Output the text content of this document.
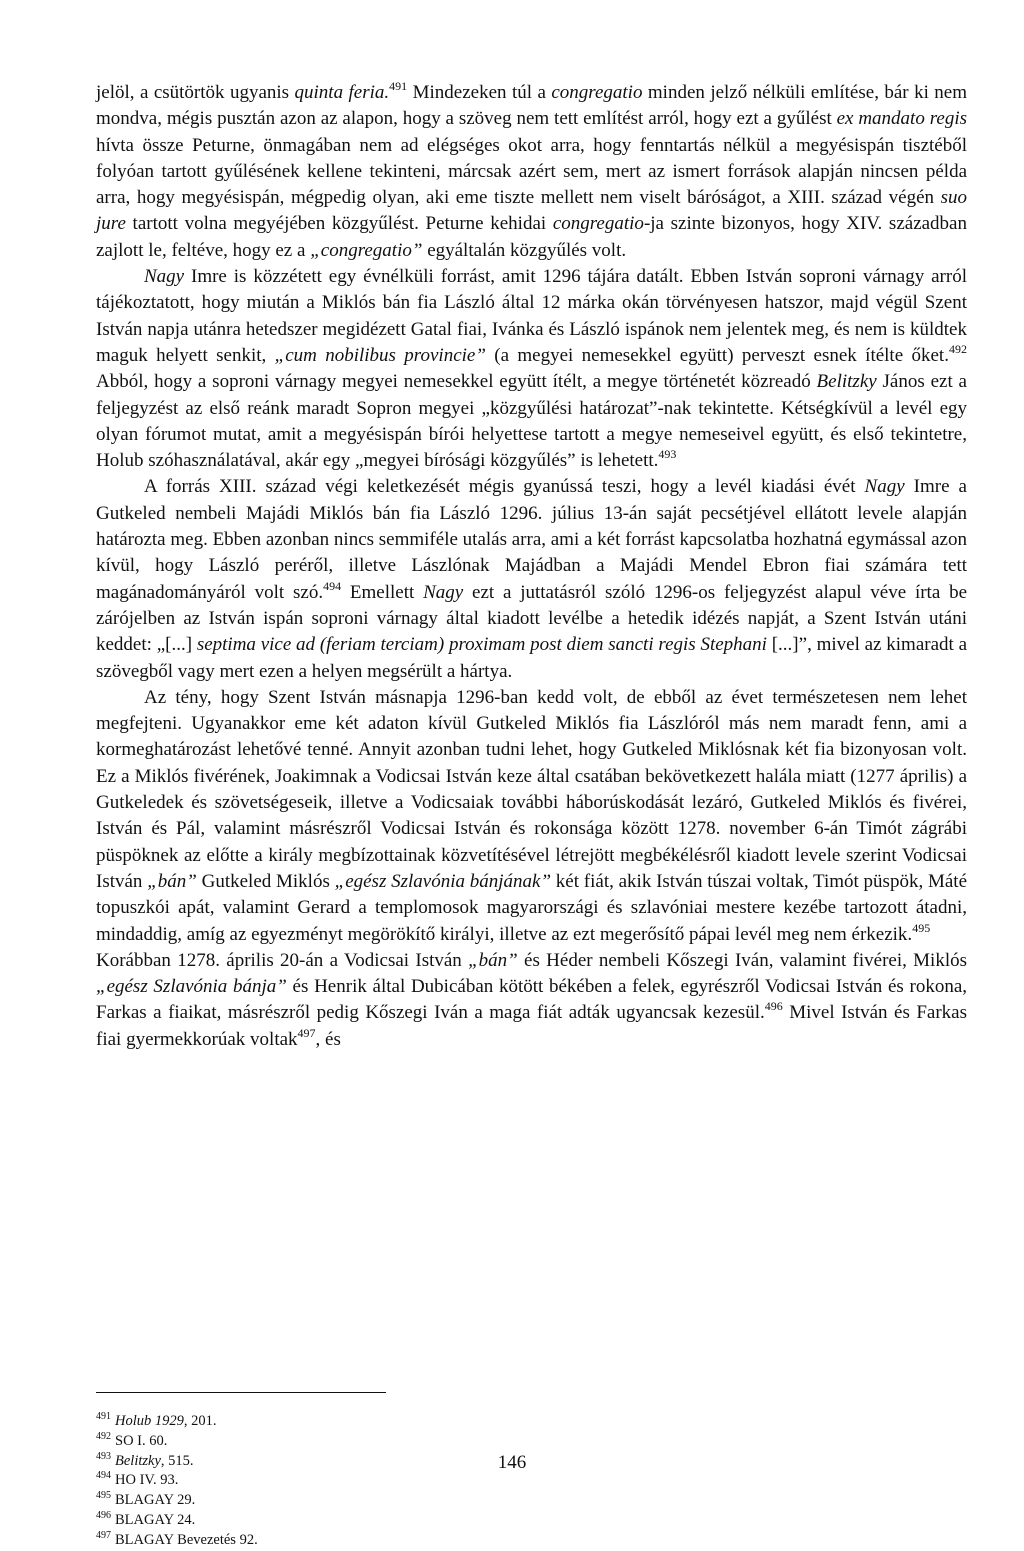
jelöl, a csütörtök ugyanis quinta feria.$^{491}$ Mindezeken túl a congregatio minden jelző nélküli említése, bár ki nem mondva, mégis pusztán azon az alapon, hogy a szöveg nem tett említést arról, hogy ezt a gyűlést ex mandato regis hívta össze Peturne, önmagában nem ad elégséges okot arra, hogy fenntartás nélkül a megyésispán tisztéből folyóan tartott gyűlésének kellene tekinteni, márcsak azért sem, mert az ismert források alapján nincsen példa arra, hogy megyésispán, mégpedig olyan, aki eme tiszte mellett nem viselt báróságot, a XIII. század végén suo jure tartott volna megyéjében közgyűlést. Peturne kehidai congregatio-ja szinte bizonyos, hogy XIV. században zajlott le, feltéve, hogy ez a „congregatio” egyáltalán közgyűlés volt.

Nagy Imre is közzétett egy évnélküli forrást, amit 1296 tájára datált. Ebben István soproni várnagy arról tájékoztatott, hogy miután a Miklós bán fia László által 12 márka okán törvényesen hatszor, majd végül Szent István napja utánra hetedszer megidézett Gatal fiai, Ivánka és László ispánok nem jelentek meg, és nem is küldtek maguk helyett senkit, „cum nobilibus provincie” (a megyei nemesekkel együtt) perveszt esnek ítélte őket.$^{492}$ Abból, hogy a soproni várnagy megyei nemesekkel együtt ítélt, a megye történetét közreadó Belitzky János ezt a feljegyzést az első reánk maradt Sopron megyei „közgyűlési határozat”-nak tekintette. Kétségkívül a levél egy olyan fórumot mutat, amit a megyésispán bírói helyettese tartott a megye nemeseivel együtt, és első tekintetre, Holub szóhasználatával, akár egy „megyei bírósági közgyűlés” is lehetett.$^{493}$

A forrás XIII. század végi keletkezését mégis gyanússá teszi, hogy a levél kiadási évét Nagy Imre a Gutkeled nembeli Majádi Miklós bán fia László 1296. július 13-án saját pecsétjével ellátott levele alapján határozta meg. Ebben azonban nincs semmiféle utalás arra, ami a két forrást kapcsolatba hozhatná egymással azon kívül, hogy László peréről, illetve Lászlónak Majádban a Majádi Mendel Ebron fiai számára tett magánadományáról volt szó.$^{494}$ Emellett Nagy ezt a juttatásról szóló 1296-os feljegyzést alapul véve írta be zárójelben az István ispán soproni várnagy által kiadott levélbe a hetedik idézés napját, a Szent István utáni keddet: „[...] septima vice ad (feriam terciam) proximam post diem sancti regis Stephani [...]”, mivel az kimaradt a szövegből vagy mert ezen a helyen megsérült a hártya.

Az tény, hogy Szent István másnapja 1296-ban kedd volt, de ebből az évet természetesen nem lehet megfejteni. Ugyanakkor eme két adaton kívül Gutkeled Miklós fia Lászlóról más nem maradt fenn, ami a kormeghatározást lehetővé tenné. Annyit azonban tudni lehet, hogy Gutkeled Miklósnak két fia bizonyosan volt. Ez a Miklós fivérének, Joakimnak a Vodicsai István keze által csatában bekövetkezett halála miatt (1277 április) a Gutkeledek és szövetségeseik, illetve a Vodicsaiak további háborúskodását lezáró, Gutkeled Miklós és fivérei, István és Pál, valamint másrészről Vodicsai István és rokonsága között 1278. november 6-án Timót zágrábi püspöknek az előtte a király megbízottainak közvetítésével létrejött megbékélésről kiadott levele szerint Vodicsai István „bán” Gutkeled Miklós „egész Szlavónia bánjának” két fiát, akik István túszai voltak, Timót püspök, Máté topuszkói apát, valamint Gerard a templomosok magyarországi és szlavóniai mestere kezébe tartozott átadni, mindaddig, amíg az egyezményt megörökítő királyi, illetve az ezt megerősítő pápai levél meg nem érkezik.$^{495}$

Korábban 1278. április 20-án a Vodicsai István „bán” és Héder nembeli Kőszegi Iván, valamint fivérei, Miklós „egész Szlavónia bánja” és Henrik által Dubicában kötött békében a felek, egyrészről Vodicsai István és rokona, Farkas a fiaikat, másrészről pedig Kőszegi Iván a maga fiát adták ugyancsak kezesül.$^{496}$ Mivel István és Farkas fiai gyermekkorúak voltak$^{497}$, és

$^{491}$ Holub 1929, 201.
$^{492}$ SO I. 60.
$^{493}$ Belitzky, 515.
$^{494}$ HO IV. 93.
$^{495}$ BLAGAY 29.
$^{496}$ BLAGAY 24.
$^{497}$ BLAGAY Bevezetés 92.
146
